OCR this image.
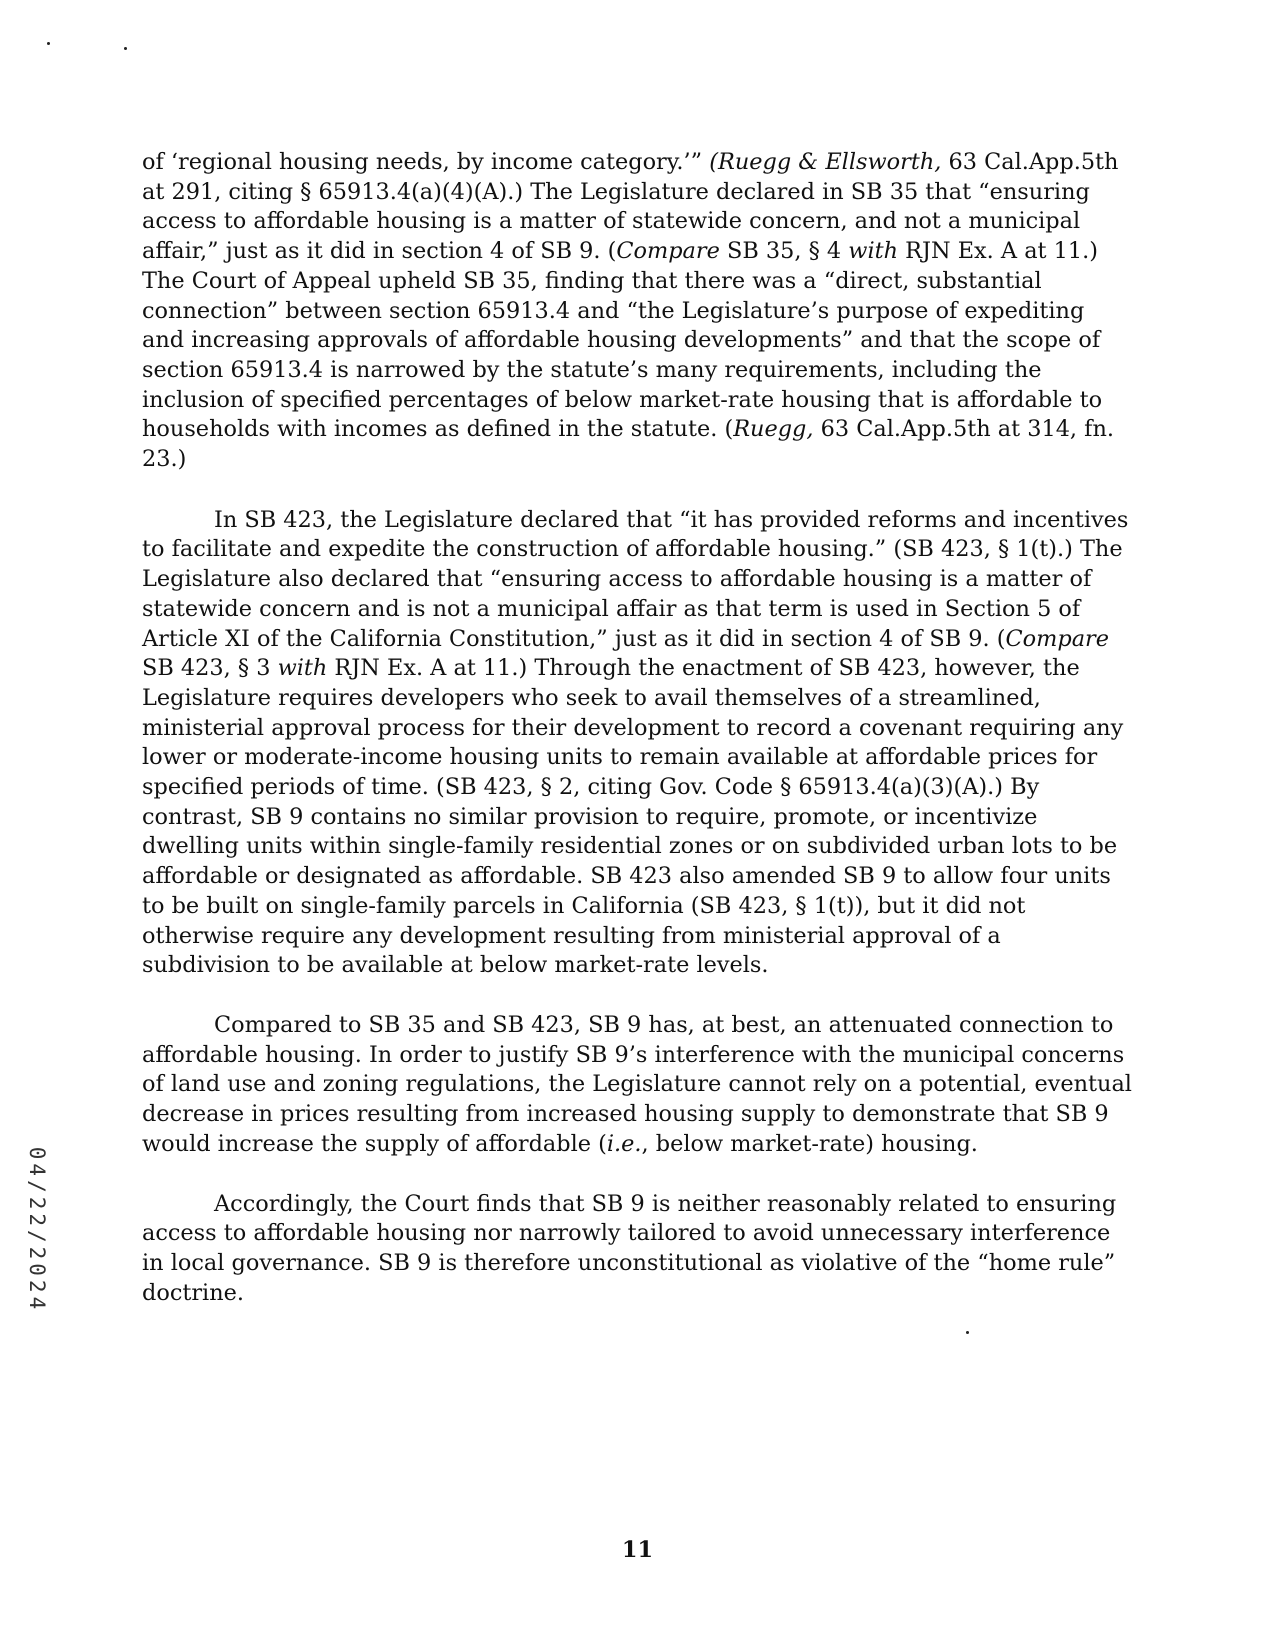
of ‘regional housing needs, by income category.’” (Ruegg & Ellsworth, 63 Cal.App.5th at 291, citing § 65913.4(a)(4)(A).) The Legislature declared in SB 35 that “ensuring access to affordable housing is a matter of statewide concern, and not a municipal affair,” just as it did in section 4 of SB 9. (Compare SB 35, § 4 with RJN Ex. A at 11.) The Court of Appeal upheld SB 35, finding that there was a “direct, substantial connection” between section 65913.4 and “the Legislature’s purpose of expediting and increasing approvals of affordable housing developments” and that the scope of section 65913.4 is narrowed by the statute’s many requirements, including the inclusion of specified percentages of below market-rate housing that is affordable to households with incomes as defined in the statute. (Ruegg, 63 Cal.App.5th at 314, fn. 23.)

In SB 423, the Legislature declared that “it has provided reforms and incentives to facilitate and expedite the construction of affordable housing.” (SB 423, § 1(t).) The Legislature also declared that “ensuring access to affordable housing is a matter of statewide concern and is not a municipal affair as that term is used in Section 5 of Article XI of the California Constitution,” just as it did in section 4 of SB 9. (Compare SB 423, § 3 with RJN Ex. A at 11.) Through the enactment of SB 423, however, the Legislature requires developers who seek to avail themselves of a streamlined, ministerial approval process for their development to record a covenant requiring any lower or moderate-income housing units to remain available at affordable prices for specified periods of time. (SB 423, § 2, citing Gov. Code § 65913.4(a)(3)(A).) By contrast, SB 9 contains no similar provision to require, promote, or incentivize dwelling units within single-family residential zones or on subdivided urban lots to be affordable or designated as affordable. SB 423 also amended SB 9 to allow four units to be built on single-family parcels in California (SB 423, § 1(t)), but it did not otherwise require any development resulting from ministerial approval of a subdivision to be available at below market-rate levels.

Compared to SB 35 and SB 423, SB 9 has, at best, an attenuated connection to affordable housing. In order to justify SB 9’s interference with the municipal concerns of land use and zoning regulations, the Legislature cannot rely on a potential, eventual decrease in prices resulting from increased housing supply to demonstrate that SB 9 would increase the supply of affordable (i.e., below market-rate) housing.

Accordingly, the Court finds that SB 9 is neither reasonably related to ensuring access to affordable housing nor narrowly tailored to avoid unnecessary interference in local governance. SB 9 is therefore unconstitutional as violative of the “home rule” doctrine.

04/22/2024
11
